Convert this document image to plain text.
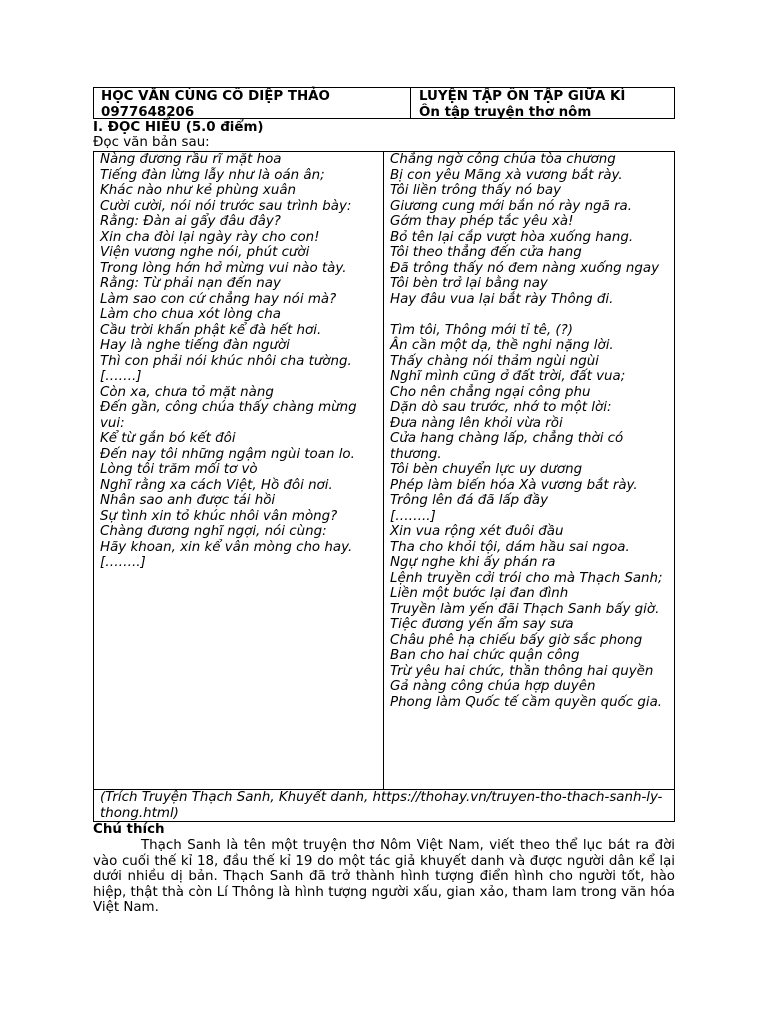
HỌC VĂN CÙNG CÔ DIỆP THẢO
0977648206
LUYỆN TẬP ÔN TẬP GIỮA KÌ
Ôn tập truyện thơ nôm
I. ĐỌC HIỂU (5.0 điểm)
Đọc văn bản sau:
Nàng đương rầu rĩ mặt hoa
Tiếng đàn lừng lẫy như là oán ân;
Khác nào như kẻ phùng xuân
Cười cười, nói nói trước sau trình bày:
Rằng: Đàn ai gẩy đâu đây?
Xin cha đòi lại ngày rày cho con!
Viện vương nghe nói, phút cười
Trong lòng hớn hở mừng vui nào tày.
Rằng: Từ phải nạn đến nay
Làm sao con cứ chẳng hay nói mà?
Làm cho chua xót lòng cha
Cầu trời khấn phật kể đà hết hơi.
Hay là nghe tiếng đàn người
Thì con phải nói khúc nhôi cha tường.
[…….]
Còn xa, chưa tỏ mặt nàng
Đến gần, công chúa thấy chàng mừng vui:
Kể từ gắn bó kết đôi
Đến nay tôi những ngậm ngùi toan lo.
Lòng tôi trăm mối tơ vò
Nghĩ rằng xa cách Việt, Hồ đôi nơi.
Nhân sao anh được tái hồi
Sự tình xin tỏ khúc nhôi vân mòng?
Chàng đương nghĩ ngợi, nói cùng:
Hãy khoan, xin kể vân mòng cho hay.
[……..]
Chẳng ngờ công chúa tòa chương
Bị con yêu Mãng xà vương bắt rày.
Tôi liền trông thấy nó bay
Giương cung mới bắn nó rày ngã ra.
Gớm thay phép tắc yêu xà!
Bỏ tên lại cắp vượt hòa xuống hang.
Tôi theo thẳng đến cửa hang
Đã trông thấy nó đem nàng xuống ngay
Tôi bèn trở lại bằng nay
Hay đâu vua lại bắt rày Thông đi.

Tìm tôi, Thông mới tỉ tê, (?)
Ân cần một dạ, thề nghi nặng lời.
Thấy chàng nói thảm ngùi ngùi
Nghĩ mình cũng ở đất trời, đất vua;
Cho nên chẳng ngại công phu
Dặn dò sau trước, nhớ to một lời:
Đưa nàng lên khỏi vừa rồi
Cửa hang chàng lấp, chẳng thời có thương.
Tôi bèn chuyển lực uy dương
Phép làm biến hóa Xà vương bắt rày.
Trông lên đá đã lấp đầy
[……..]
Xin vua rộng xét đuôi đầu
Tha cho khỏi tội, dám hầu sai ngoa.
Ngự nghe khi ấy phán ra
Lệnh truyền cởi trói cho mà Thạch Sanh;
Liền một bước lại đan đình
Truyền làm yến đãi Thạch Sanh bấy giờ.
Tiệc đương yến ẩm say sưa
Châu phê hạ chiếu bấy giờ sắc phong
Ban cho hai chức quận công
Trừ yêu hai chức, thần thông hai quyền
Gả nàng công chúa hợp duyên
Phong làm Quốc tế cầm quyền quốc gia.
(Trích Truyện Thạch Sanh, Khuyết danh, https://thohay.vn/truyen-tho-thach-sanh-ly-thong.html)
Chú thích
Thạch Sanh là tên một truyện thơ Nôm Việt Nam, viết theo thể lục bát ra đời vào cuối thế kỉ 18, đầu thế kỉ 19 do một tác giả khuyết danh và được người dân kể lại dưới nhiều dị bản. Thạch Sanh đã trở thành hình tượng điển hình cho người tốt, hào hiệp, thật thà còn Lí Thông là hình tượng người xấu, gian xảo, tham lam trong văn hóa Việt Nam.
